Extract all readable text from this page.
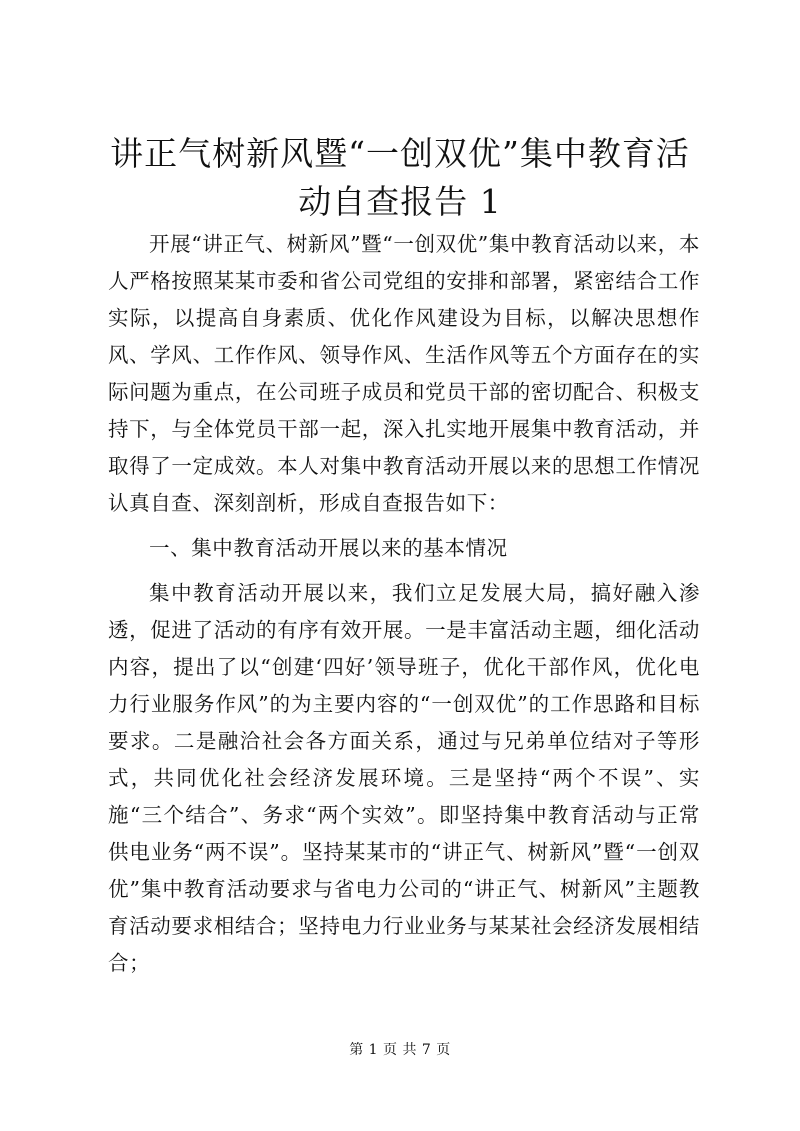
讲正气树新风暨“一创双优”集中教育活动自查报告 1

开展“讲正气、树新风”暨“一创双优”集中教育活动以来，本人严格按照某某市委和省公司党组的安排和部署，紧密结合工作实际，以提高自身素质、优化作风建设为目标，以解决思想作风、学风、工作作风、领导作风、生活作风等五个方面存在的实际问题为重点，在公司班子成员和党员干部的密切配合、积极支持下，与全体党员干部一起，深入扎实地开展集中教育活动，并取得了一定成效。本人对集中教育活动开展以来的思想工作情况认真自查、深刻剖析，形成自查报告如下：

一、集中教育活动开展以来的基本情况

集中教育活动开展以来，我们立足发展大局，搞好融入渗透，促进了活动的有序有效开展。一是丰富活动主题，细化活动内容，提出了以“创建‘四好’领导班子，优化干部作风，优化电力行业服务作风”的为主要内容的“一创双优”的工作思路和目标要求。二是融洽社会各方面关系，通过与兄弟单位结对子等形式，共同优化社会经济发展环境。三是坚持“两个不误”、实施“三个结合”、务求“两个实效”。即坚持集中教育活动与正常供电业务“两不误”。坚持某某市的“讲正气、树新风”暨“一创双优”集中教育活动要求与省电力公司的“讲正气、树新风”主题教育活动要求相结合；坚持电力行业业务与某某社会经济发展相结合；

第 1 页 共 7 页
